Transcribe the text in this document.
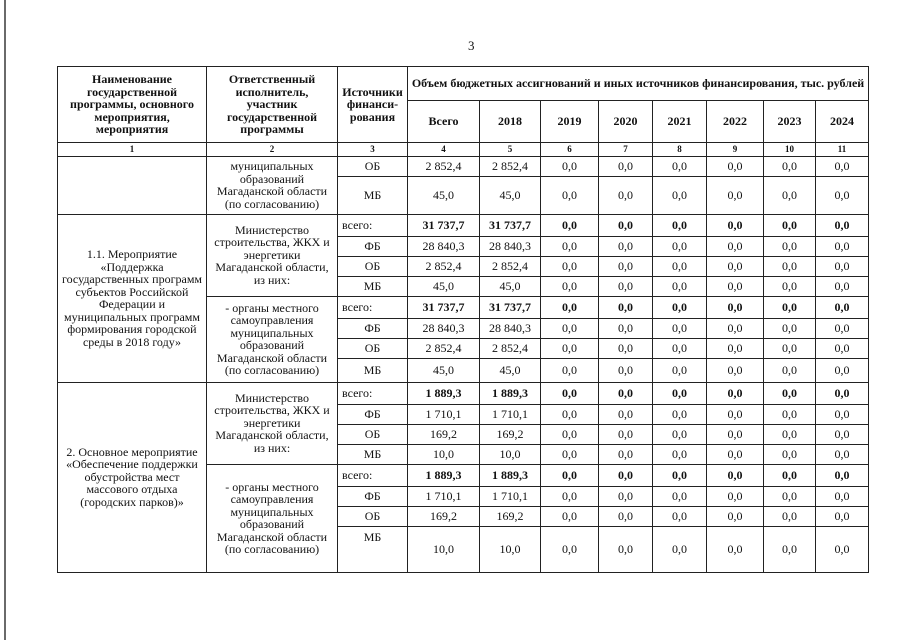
3
Наименование государственной программы, основного мероприятия, мероприятия	Ответственный исполнитель, участник государственной программы	Источники финанси-рования	Объем бюджетных ассигнований и иных источников финансирования, тыс. рублей							
			Всего	2018	2019	2020	2021	2022	2023	2024
1	2	3	4	5	6	7	8	9	10	11
	муниципальных образований Магаданской области (по согласованию)	ОБ	2 852,4	2 852,4	0,0	0,0	0,0	0,0	0,0	0,0
		МБ	45,0	45,0	0,0	0,0	0,0	0,0	0,0	0,0
1.1. Мероприятие «Поддержка государственных программ субъектов Российской Федерации и муниципальных программ формирования городской среды в 2018 году»	Министерство строительства, ЖКХ и энергетики Магаданской области, из них:	всего:	31 737,7	31 737,7	0,0	0,0	0,0	0,0	0,0	0,0
		ФБ	28 840,3	28 840,3	0,0	0,0	0,0	0,0	0,0	0,0
		ОБ	2 852,4	2 852,4	0,0	0,0	0,0	0,0	0,0	0,0
		МБ	45,0	45,0	0,0	0,0	0,0	0,0	0,0	0,0
	- органы местного самоуправления муниципальных образований Магаданской области (по согласованию)	всего:	31 737,7	31 737,7	0,0	0,0	0,0	0,0	0,0	0,0
		ФБ	28 840,3	28 840,3	0,0	0,0	0,0	0,0	0,0	0,0
		ОБ	2 852,4	2 852,4	0,0	0,0	0,0	0,0	0,0	0,0
		МБ	45,0	45,0	0,0	0,0	0,0	0,0	0,0	0,0
2. Основное мероприятие «Обеспечение поддержки обустройства мест массового отдыха (городских парков)»	Министерство строительства, ЖКХ и энергетики Магаданской области, из них:	всего:	1 889,3	1 889,3	0,0	0,0	0,0	0,0	0,0	0,0
		ФБ	1 710,1	1 710,1	0,0	0,0	0,0	0,0	0,0	0,0
		ОБ	169,2	169,2	0,0	0,0	0,0	0,0	0,0	0,0
		МБ	10,0	10,0	0,0	0,0	0,0	0,0	0,0	0,0
	- органы местного самоуправления муниципальных образований Магаданской области (по согласованию)	всего:	1 889,3	1 889,3	0,0	0,0	0,0	0,0	0,0	0,0
		ФБ	1 710,1	1 710,1	0,0	0,0	0,0	0,0	0,0	0,0
		ОБ	169,2	169,2	0,0	0,0	0,0	0,0	0,0	0,0
		МБ	10,0	10,0	0,0	0,0	0,0	0,0	0,0	0,0
